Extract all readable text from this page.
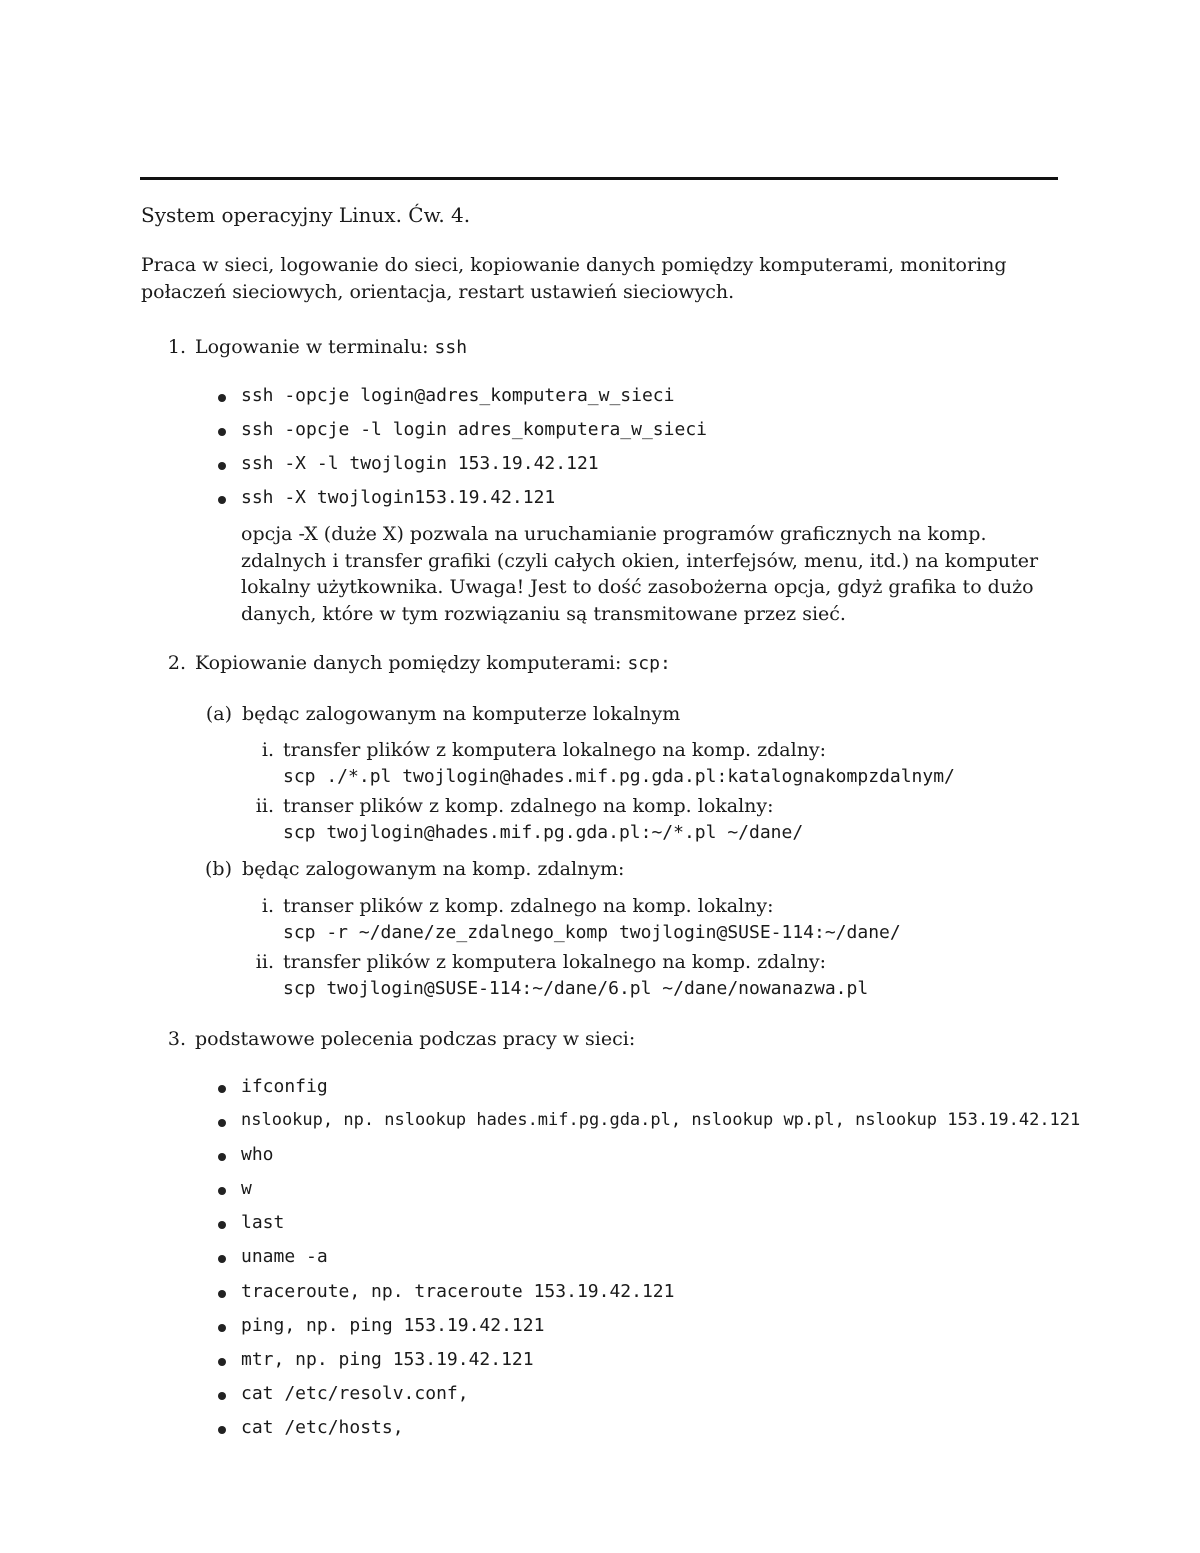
System operacyjny Linux. Ćw. 4.
Praca w sieci, logowanie do sieci, kopiowanie danych pomiędzy komputerami, monitoring połaczeń sieciowych, orientacja, restart ustawień sieciowych.
1. Logowanie w terminalu: ssh
ssh -opcje login@adres_komputera_w_sieci
ssh -opcje -l login adres_komputera_w_sieci
ssh -X -l twojlogin 153.19.42.121
ssh -X twojlogin153.19.42.121
opcja -X (duże X) pozwala na uruchamianie programów graficznych na komp. zdalnych i transfer grafiki (czyli całych okien, interfejsów, menu, itd.) na komputer lokalny użytkownika. Uwaga! Jest to dość zasobożerna opcja, gdyż grafika to dużo danych, które w tym rozwiązaniu są transmitowane przez sieć.
2. Kopiowanie danych pomiędzy komputerami: scp:
(a) będąc zalogowanym na komputerze lokalnym
i. transfer plików z komputera lokalnego na komp. zdalny:
scp ./*.pl twojlogin@hades.mif.pg.gda.pl:katalognakompzdalnym/
ii. transer plików z komp. zdalnego na komp. lokalny:
scp twojlogin@hades.mif.pg.gda.pl:~/*.pl ~/dane/
(b) będąc zalogowanym na komp. zdalnym:
i. transer plików z komp. zdalnego na komp. lokalny:
scp -r ~/dane/ze_zdalnego_komp twojlogin@SUSE-114:~/dane/
ii. transfer plików z komputera lokalnego na komp. zdalny:
scp twojlogin@SUSE-114:~/dane/6.pl ~/dane/nowanazwa.pl
3. podstawowe polecenia podczas pracy w sieci:
ifconfig
nslookup, np. nslookup hades.mif.pg.gda.pl, nslookup wp.pl, nslookup 153.19.42.121
who
w
last
uname -a
traceroute, np. traceroute 153.19.42.121
ping, np. ping 153.19.42.121
mtr, np. ping 153.19.42.121
cat /etc/resolv.conf,
cat /etc/hosts,
